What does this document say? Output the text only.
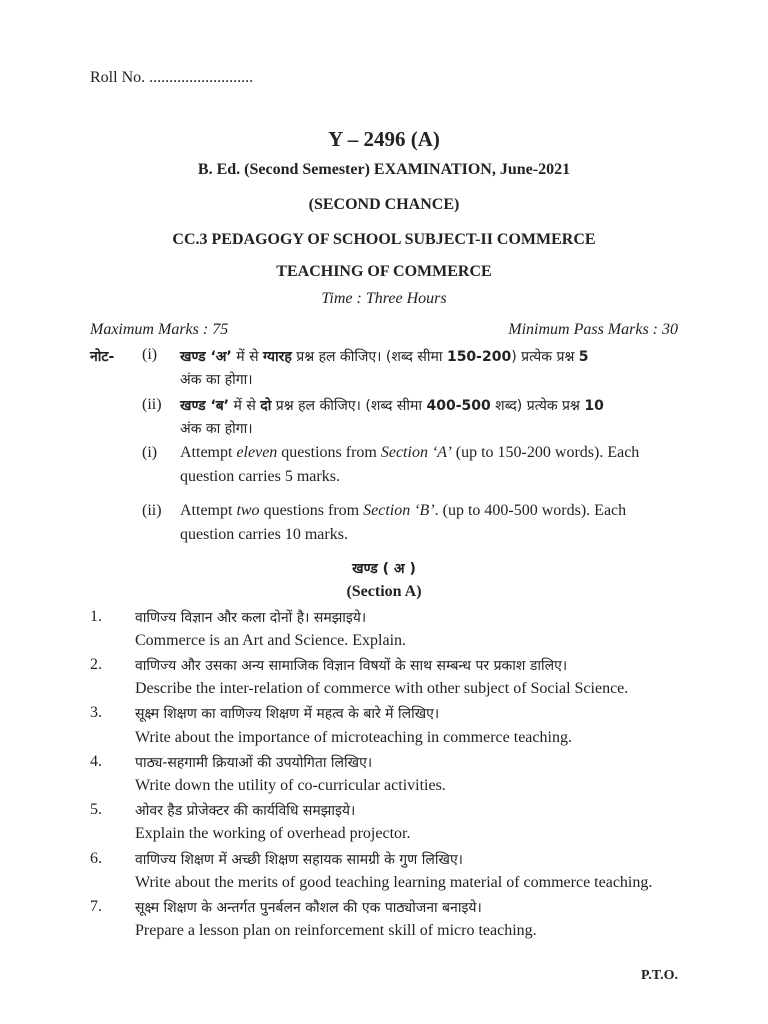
Roll No. ..........................
Y – 2496 (A)
B. Ed. (Second Semester) EXAMINATION, June-2021
(SECOND CHANCE)
CC.3 PEDAGOGY OF SCHOOL SUBJECT-II COMMERCE
TEACHING OF COMMERCE
Time : Three Hours
Maximum Marks : 75	Minimum Pass Marks : 30
नोट- (i) खण्ड ‘अ’ में से ग्यारह प्रश्न हल कीजिए। (शब्द सीमा 150-200) प्रत्येक प्रश्न 5
अंक का होगा।
(ii) खण्ड ‘ब’ में से दो प्रश्न हल कीजिए। (शब्द सीमा 400-500 शब्द) प्रत्येक प्रश्न 10
अंक का होगा।
(i) Attempt eleven questions from Section ‘A’ (up to 150-200 words). Each
question carries 5 marks.
(ii) Attempt two questions from Section ‘B’. (up to 400-500 words). Each
question carries 10 marks.
खण्ड ( अ )
(Section A)
1. वाणिज्य विज्ञान और कला दोनों है। समझाइये।
Commerce is an Art and Science. Explain.
2. वाणिज्य और उसका अन्य सामाजिक विज्ञान विषयों के साथ सम्बन्ध पर प्रकाश डालिए।
Describe the inter-relation of commerce with other subject of Social Science.
3. सूक्ष्म शिक्षण का वाणिज्य शिक्षण में महत्व के बारे में लिखिए।
Write about the importance of microteaching in commerce teaching.
4. पाठ्य-सहगामी क्रियाओं की उपयोगिता लिखिए।
Write down the utility of co-curricular activities.
5. ओवर हैड प्रोजेक्टर की कार्यविधि समझाइये।
Explain the working of overhead projector.
6. वाणिज्य शिक्षण में अच्छी शिक्षण सहायक सामग्री के गुण लिखिए।
Write about the merits of good teaching learning material of commerce teaching.
7. सूक्ष्म शिक्षण के अन्तर्गत पुनर्बलन कौशल की एक पाठ्योजना बनाइये।
Prepare a lesson plan on reinforcement skill of micro teaching.
P.T.O.
